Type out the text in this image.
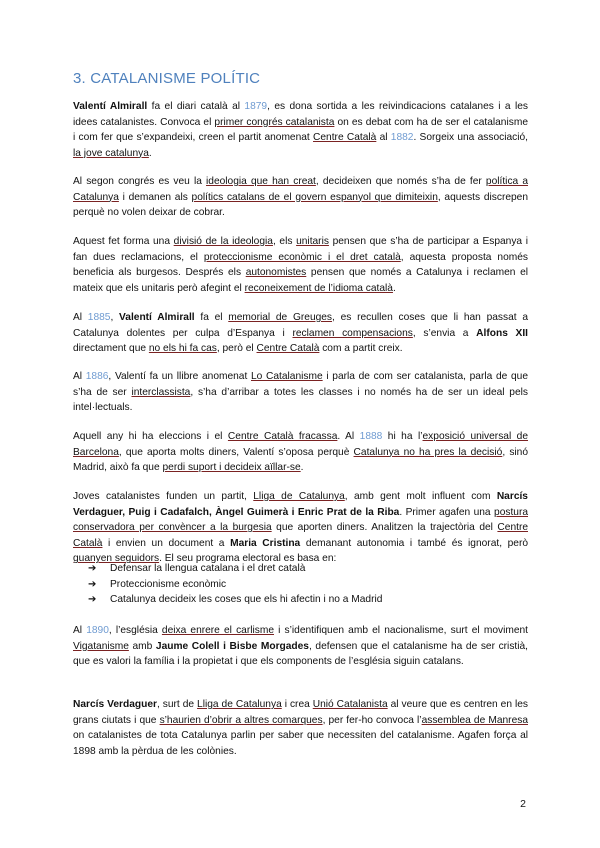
3. CATALANISME POLÍTIC

Valentí Almirall fa el diari català al 1879, es dona sortida a les reivindicacions catalanes i a les idees catalanistes. Convoca el primer congrés catalanista on es debat com ha de ser el catalanisme i com fer que s’expandeixi, creen el partit anomenat Centre Català al 1882. Sorgeix una associació, la jove catalunya.

Al segon congrés es veu la ideologia que han creat, decideixen que només s’ha de fer política a Catalunya i demanen als polítics catalans de el govern espanyol que dimiteixin, aquests discrepen perquè no volen deixar de cobrar.

Aquest fet forma una divisió de la ideologia, els unitaris pensen que s’ha de participar a Espanya i fan dues reclamacions, el proteccionisme econòmic i el dret català, aquesta proposta només beneficia als burgesos. Després els autonomistes pensen que només a Catalunya i reclamen el mateix que els unitaris però afegint el reconeixement de l’idioma català.

Al 1885, Valentí Almirall fa el memorial de Greuges, es recullen coses que li han passat a Catalunya dolentes per culpa d’Espanya i reclamen compensacions, s’envia a Alfons XII directament que no els hi fa cas, però el Centre Català com a partit creix.

Al 1886, Valentí fa un llibre anomenat Lo Catalanisme i parla de com ser catalanista, parla de que s’ha de ser interclassista, s’ha d’arribar a totes les classes i no només ha de ser un ideal pels intel·lectuals.

Aquell any hi ha eleccions i el Centre Català fracassa. Al 1888 hi ha l’exposició universal de Barcelona, que aporta molts diners, Valentí s’oposa perquè Catalunya no ha pres la decisió, sinó Madrid, això fa que perdi suport i decideix aïllar-se.

Joves catalanistes funden un partit, Lliga de Catalunya, amb gent molt influent com Narcís Verdaguer, Puig i Cadafalch, Àngel Guimerà i Enric Prat de la Riba. Primer agafen una postura conservadora per convèncer a la burgesia que aporten diners. Analitzen la trajectòria del Centre Català i envien un document a Maria Cristina demanant autonomia i també és ignorat, però guanyen seguidors. El seu programa electoral es basa en:

➔	Defensar la llengua catalana i el dret català
➔	Proteccionisme econòmic
➔	Catalunya decideix les coses que els hi afectin i no a Madrid

Al 1890, l’església deixa enrere el carlisme i s’identifiquen amb el nacionalisme, surt el moviment Vigatanisme amb Jaume Colell i Bisbe Morgades, defensen que el catalanisme ha de ser cristià, que es valori la família i la propietat i que els components de l’església siguin catalans.

Narcís Verdaguer, surt de Lliga de Catalunya i crea Unió Catalanista al veure que es centren en les grans ciutats i que s’haurien d’obrir a altres comarques, per fer-ho convoca l’assemblea de Manresa on catalanistes de tota Catalunya parlin per saber que necessiten del catalanisme. Agafen força al 1898 amb la pèrdua de les colònies.

2
